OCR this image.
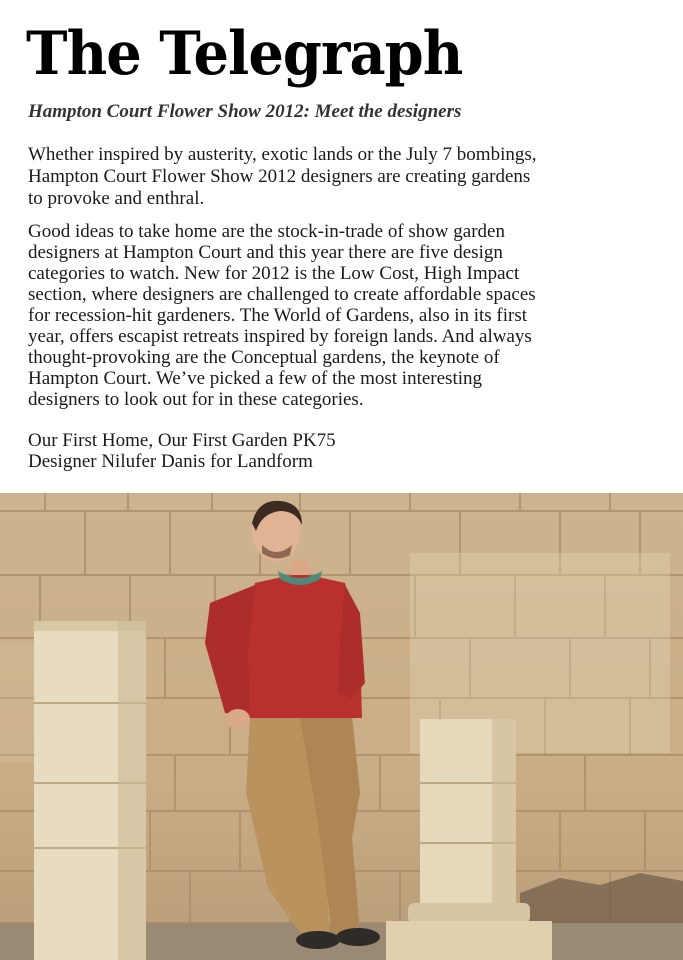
The Telegraph
Hampton Court Flower Show 2012: Meet the designers
Whether inspired by austerity, exotic lands or the July 7 bombings,
Hampton Court Flower Show 2012 designers are creating gardens
to provoke and enthral.
Good ideas to take home are the stock-in-trade of show garden
designers at Hampton Court and this year there are five design
categories to watch. New for 2012 is the Low Cost, High Impact
section, where designers are challenged to create affordable spaces
for recession-hit gardeners. The World of Gardens, also in its first
year, offers escapist retreats inspired by foreign lands. And always
thought-provoking are the Conceptual gardens, the keynote of
Hampton Court. We’ve picked a few of the most interesting
designers to look out for in these categories.
Our First Home, Our First Garden PK75
Designer Nilufer Danis for Landform
